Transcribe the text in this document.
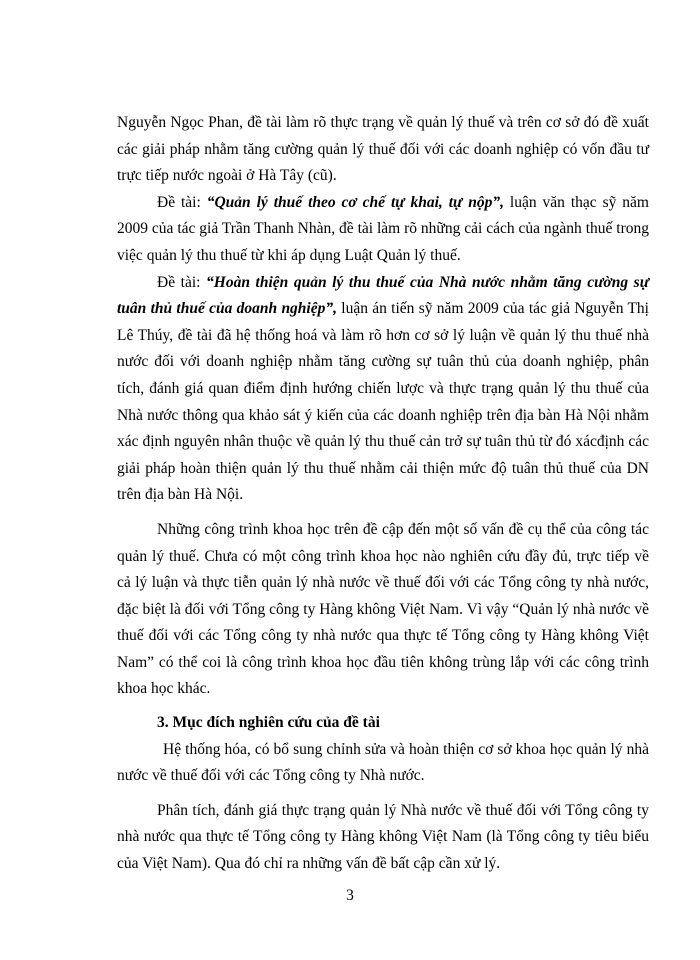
Nguyễn Ngọc Phan, đề tài làm rõ thực trạng về quản lý thuế và trên cơ sở đó đề xuất các giải pháp nhằm tăng cường quản lý thuế đối với các doanh nghiệp có vốn đầu tư trực tiếp nước ngoài ở Hà Tây (cũ).

Đề tài: “Quản lý thuế theo cơ chế tự khai, tự nộp”, luận văn thạc sỹ năm 2009 của tác giả Trần Thanh Nhàn, đề tài làm rõ những cải cách của ngành thuế trong việc quản lý thu thuế từ khi áp dụng Luật Quản lý thuế.

Đề tài: “Hoàn thiện quản lý thu thuế của Nhà nước nhằm tăng cường sự tuân thủ thuế của doanh nghiệp”, luận án tiến sỹ năm 2009 của tác giả Nguyễn Thị Lê Thúy, đề tài đã hệ thống hoá và làm rõ hơn cơ sở lý luận về quản lý thu thuế nhà nước đối với doanh nghiệp nhằm tăng cường sự tuân thủ của doanh nghiệp, phân tích, đánh giá quan điểm định hướng chiến lược và thực trạng quản lý thu thuế của Nhà nước thông qua khảo sát ý kiến của các doanh nghiệp trên địa bàn Hà Nội nhằm xác định nguyên nhân thuộc về quản lý thu thuế cản trở sự tuân thủ từ đó xácđịnh các giải pháp hoàn thiện quản lý thu thuế nhằm cải thiện mức độ tuân thủ thuế của DN trên địa bàn Hà Nội.

Những công trình khoa học trên đề cập đến một số vấn đề cụ thể của công tác quản lý thuế. Chưa có một công trình khoa học nào nghiên cứu đầy đủ, trực tiếp về cả lý luận và thực tiễn quản lý nhà nước về thuế đối với các Tổng công ty nhà nước, đặc biệt là đối với Tổng công ty Hàng không Việt Nam. Vì vậy “Quản lý nhà nước về thuế đối với các Tổng công ty nhà nước qua thực tế Tổng công ty Hàng không Việt Nam” có thể coi là công trình khoa học đầu tiên không trùng lắp với các công trình khoa học khác.

3. Mục đích nghiên cứu của đề tài

Hệ thống hóa, có bổ sung chỉnh sửa và hoàn thiện cơ sở khoa học quản lý nhà nước về thuế đối với các Tổng công ty Nhà nước.

Phân tích, đánh giá thực trạng quản lý Nhà nước về thuế đối với Tổng công ty nhà nước qua thực tế Tổng công ty Hàng không Việt Nam (là Tổng công ty tiêu biểu của Việt Nam). Qua đó chỉ ra những vấn đề bất cập cần xử lý.

3
